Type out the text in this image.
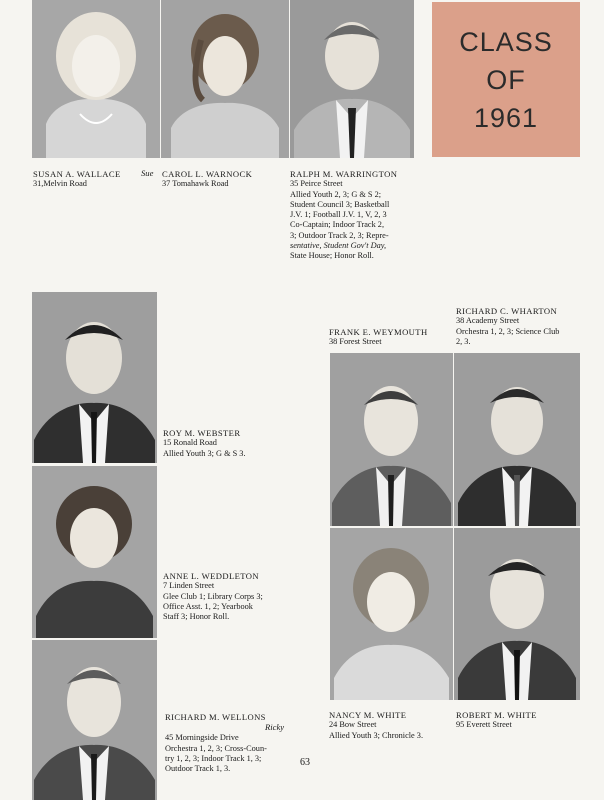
CLASS
OF
1961
SUSAN A. WALLACE
31,Melvin Road
Sue CAROL L. WARNOCK
37 Tomahawk Road
RALPH M. WARRINGTON
35 Peirce Street
Allied Youth 2, 3; G & S 2;
Student Council 3; Basketball
J.V. 1; Football J.V. 1, V, 2, 3
Co-Captain; Indoor Track 2,
3; Outdoor Track 2, 3; Repre-
sentative, Student Gov't Day,
State House; Honor Roll.
RICHARD C. WHARTON
38 Academy Street
Orchestra 1, 2, 3; Science Club
2, 3.
FRANK E. WEYMOUTH
38 Forest Street
NANCY M. WHITE
24 Bow Street
Allied Youth 3; Chronicle 3.
ROBERT M. WHITE
95 Everett Street
ROY M. WEBSTER
15 Ronald Road
Allied Youth 3; G & S 3.
ANNE L. WEDDLETON
7 Linden Street
Glee Club 1; Library Corps 3;
Office Asst. 1, 2; Yearbook
Staff 3; Honor Roll.
RICHARD M. WELLONS
45 Morningside Drive
Orchestra 1, 2, 3; Cross-Coun-
try 1, 2, 3; Indoor Track 1, 3;
Outdoor Track 1, 3.
Ricky
63
